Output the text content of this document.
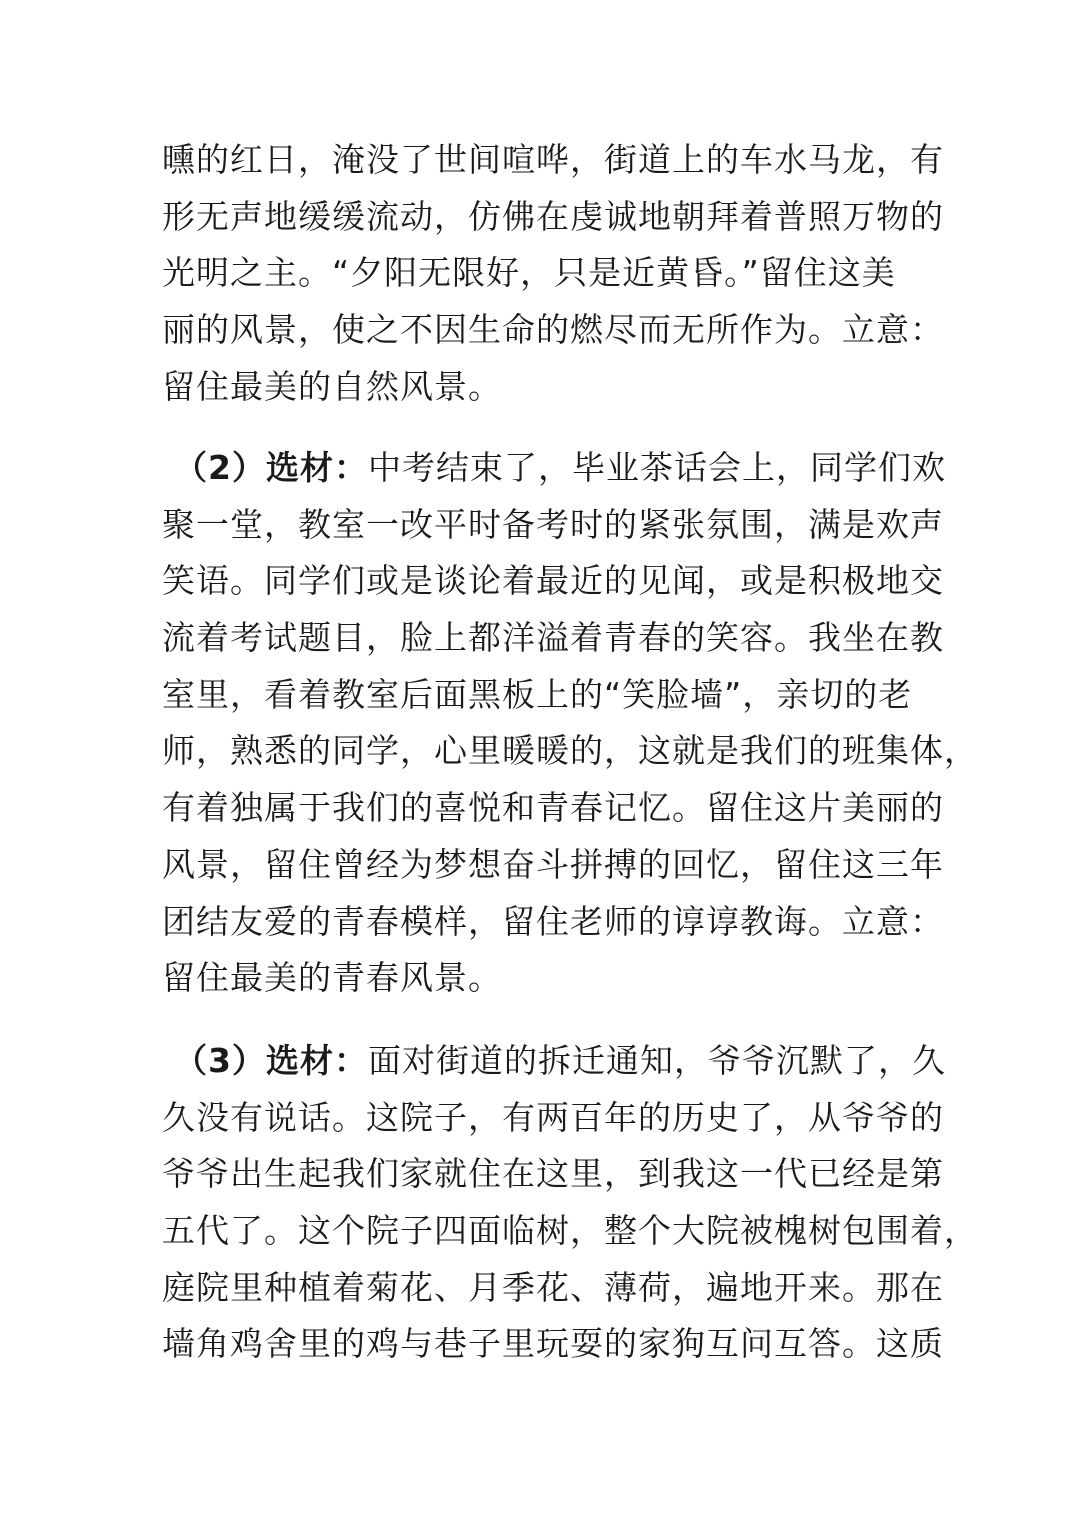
曛的红日，淹没了世间喧哗，街道上的车水马龙，有
形无声地缓缓流动，仿佛在虔诚地朝拜着普照万物的
光明之主。“夕阳无限好，只是近黄昏。”留住这美
丽的风景，使之不因生命的燃尽而无所作为。立意：
留住最美的自然风景。
（2）选材：中考结束了，毕业茶话会上，同学们欢
聚一堂，教室一改平时备考时的紧张氛围，满是欢声
笑语。同学们或是谈论着最近的见闻，或是积极地交
流着考试题目，脸上都洋溢着青春的笑容。我坐在教
室里，看着教室后面黑板上的“笑脸墙”，亲切的老
师，熟悉的同学，心里暖暖的，这就是我们的班集体，
有着独属于我们的喜悦和青春记忆。留住这片美丽的
风景，留住曾经为梦想奋斗拼搏的回忆，留住这三年
团结友爱的青春模样，留住老师的谆谆教诲。立意：
留住最美的青春风景。
（3）选材：面对街道的拆迁通知，爷爷沉默了，久
久没有说话。这院子，有两百年的历史了，从爷爷的
爷爷出生起我们家就住在这里，到我这一代已经是第
五代了。这个院子四面临树，整个大院被槐树包围着，
庭院里种植着菊花、月季花、薄荷，遍地开来。那在
墙角鸡舍里的鸡与巷子里玩耍的家狗互问互答。这质
